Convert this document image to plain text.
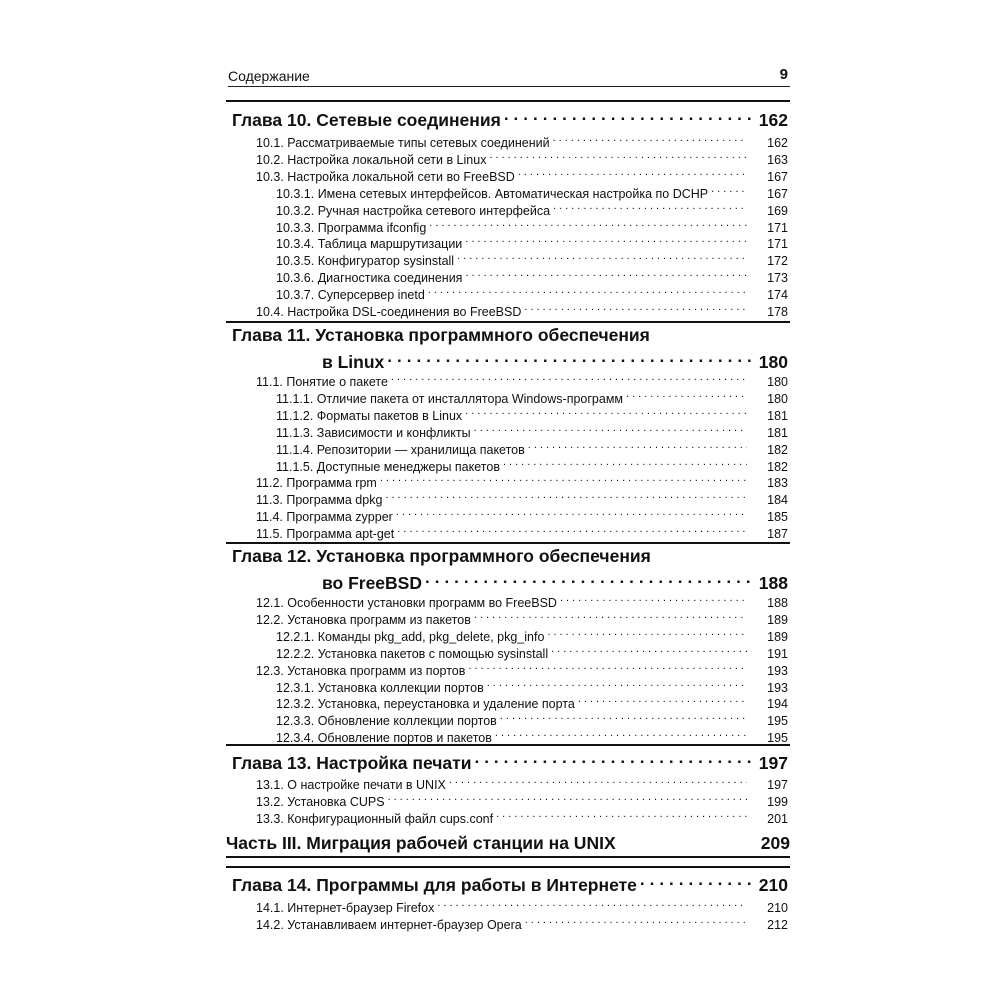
Содержание	9
Глава 10. Сетевые соединения .....	162
10.1. Рассматриваемые типы сетевых соединений .....	162
10.2. Настройка локальной сети в Linux .....	163
10.3. Настройка локальной сети во FreeBSD .....	167
10.3.1. Имена сетевых интерфейсов. Автоматическая настройка по DCHP .....	167
10.3.2. Ручная настройка сетевого интерфейса .....	169
10.3.3. Программа ifconfig .....	171
10.3.4. Таблица маршрутизации .....	171
10.3.5. Конфигуратор sysinstall .....	172
10.3.6. Диагностика соединения .....	173
10.3.7. Суперсервер inetd .....	174
10.4. Настройка DSL-соединения во FreeBSD .....	178
Глава 11. Установка программного обеспечения
в Linux .....	180
11.1. Понятие о пакете .....	180
11.1.1. Отличие пакета от инсталлятора Windows-программ .....	180
11.1.2. Форматы пакетов в Linux .....	181
11.1.3. Зависимости и конфликты .....	181
11.1.4. Репозитории — хранилища пакетов .....	182
11.1.5. Доступные менеджеры пакетов .....	182
11.2. Программа rpm .....	183
11.3. Программа dpkg .....	184
11.4. Программа zypper .....	185
11.5. Программа apt-get .....	187
Глава 12. Установка программного обеспечения
во FreeBSD .....	188
12.1. Особенности установки программ во FreeBSD .....	188
12.2. Установка программ из пакетов .....	189
12.2.1. Команды pkg_add, pkg_delete, pkg_info .....	189
12.2.2. Установка пакетов с помощью sysinstall .....	191
12.3. Установка программ из портов .....	193
12.3.1. Установка коллекции портов .....	193
12.3.2. Установка, переустановка и удаление порта .....	194
12.3.3. Обновление коллекции портов .....	195
12.3.4. Обновление портов и пакетов .....	195
Глава 13. Настройка печати .....	197
13.1. О настройке печати в UNIX .....	197
13.2. Установка CUPS .....	199
13.3. Конфигурационный файл cups.conf .....	201
Часть III. Миграция рабочей станции на UNIX	209
Глава 14. Программы для работы в Интернете .....	210
14.1. Интернет-браузер Firefox .....	210
14.2. Устанавливаем интернет-браузер Opera .....	212
